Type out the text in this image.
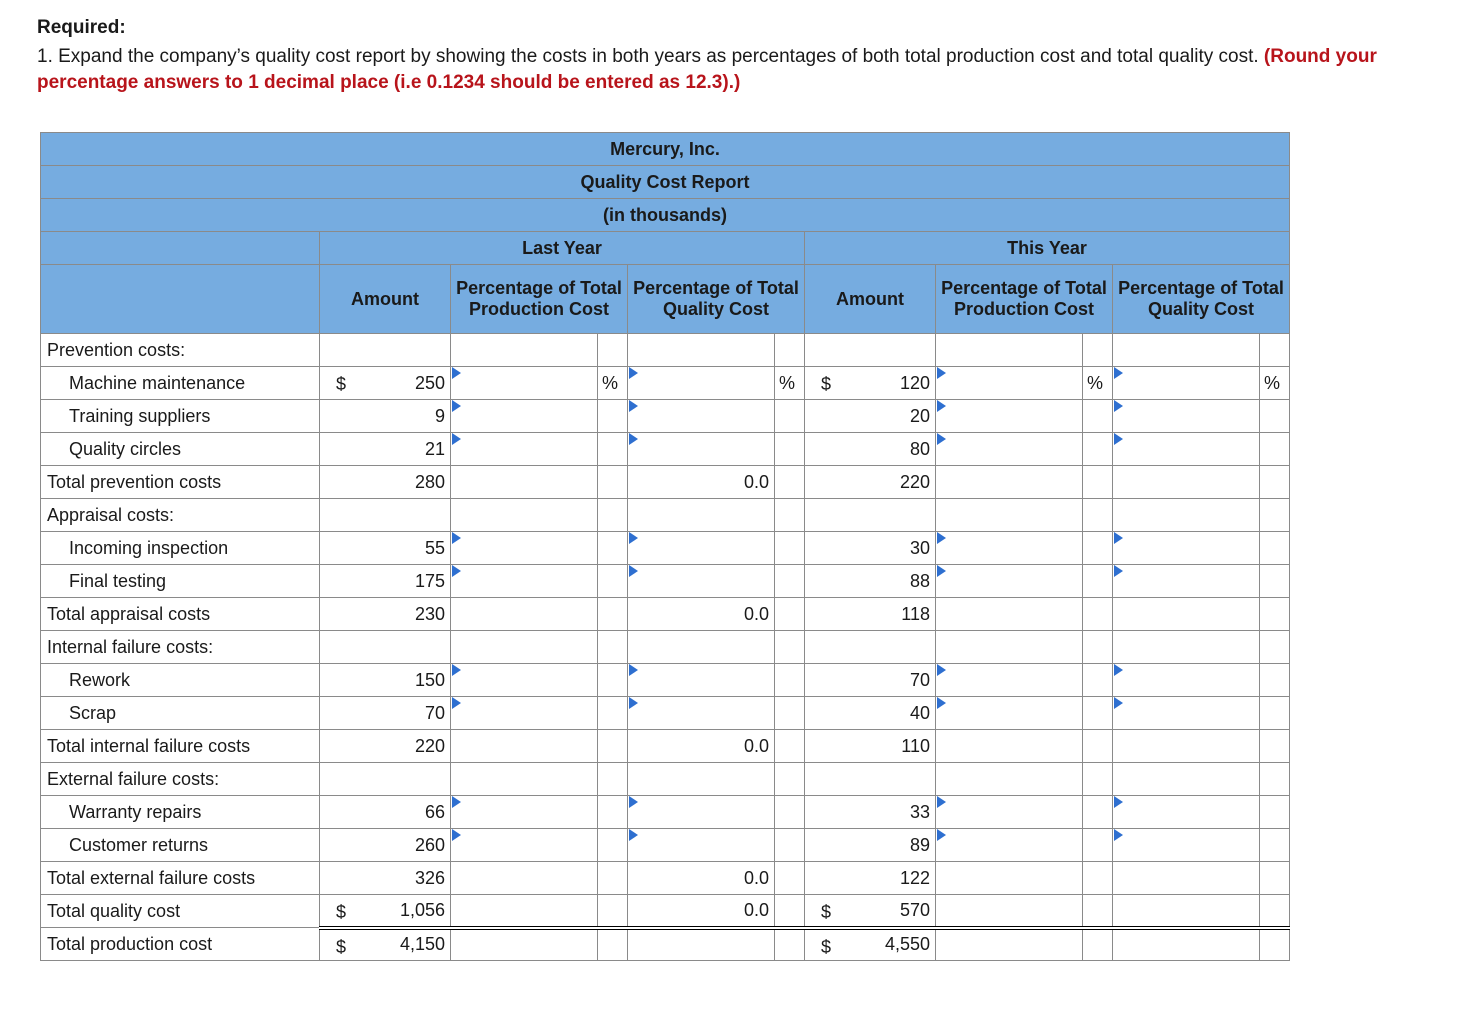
Required:

1. Expand the company’s quality cost report by showing the costs in both years as percentages of both total production cost and total quality cost. (Round your percentage answers to 1 decimal place (i.e 0.1234 should be entered as 12.3).)

Mercury, Inc.										
Quality Cost Report										
(in thousands)										
	Last Year					This Year				
	Amount	Percentage of Total Production Cost		Percentage of Total Quality Cost		Amount	Percentage of Total Production Cost		Percentage of Total Quality Cost	
Prevention costs:										
Machine maintenance	$ 250		%		%	$ 120		%		%
Training suppliers	9					20				
Quality circles	21					80				
Total prevention costs	280			0.0		220				
Appraisal costs:										
Incoming inspection	55					30				
Final testing	175					88				
Total appraisal costs	230			0.0		118				
Internal failure costs:										
Rework	150					70				
Scrap	70					40				
Total internal failure costs	220			0.0		110				
External failure costs:										
Warranty repairs	66					33				
Customer returns	260					89				
Total external failure costs	326			0.0		122				
Total quality cost	$ 1,056			0.0		$ 570				
Total production cost	$ 4,150					$ 4,550				
